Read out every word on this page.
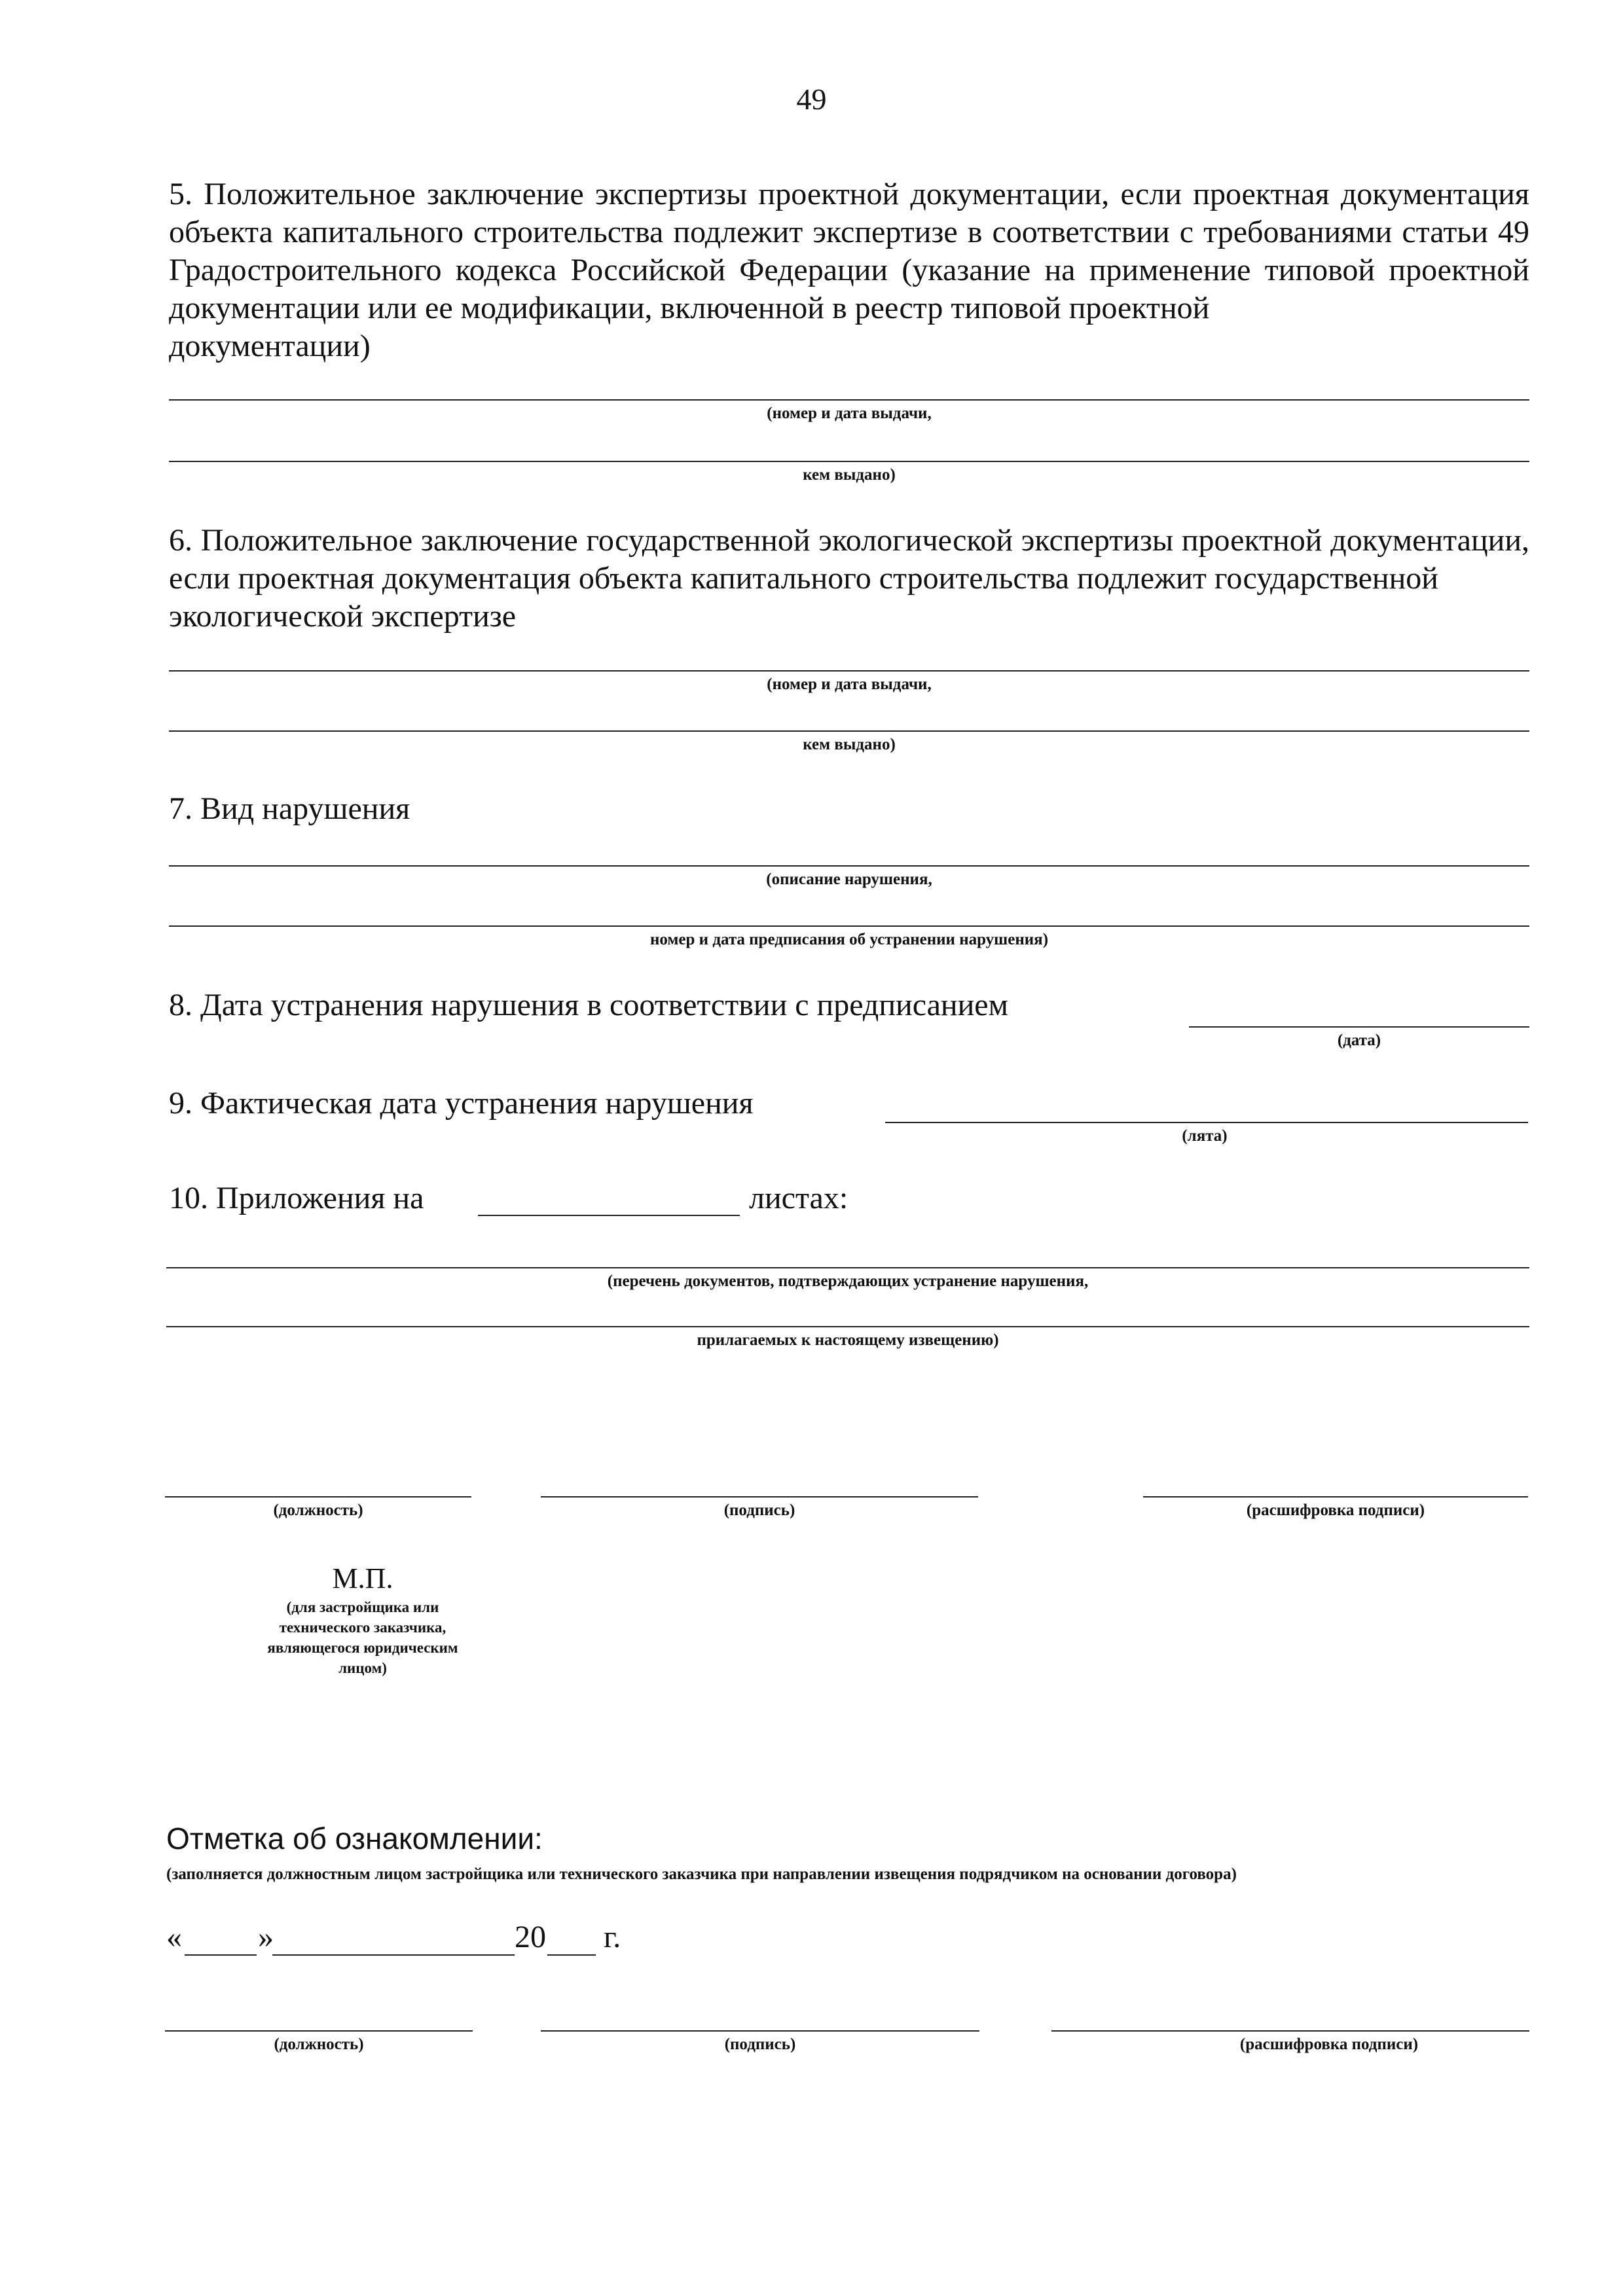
49
5. Положительное заключение экспертизы проектной документации, если проектная документация объекта капитального строительства подлежит экспертизе в соответствии с требованиями статьи 49 Градостроительного кодекса Российской Федерации (указание на применение типовой проектной документации или ее модификации, включенной в реестр типовой проектной
документации)
(номер и дата выдачи,
кем выдано)
6. Положительное заключение государственной экологической экспертизы проектной документации, если проектная документация объекта капитального строительства подлежит государственной
экологической экспертизе
(номер и дата выдачи,
кем выдано)
7. Вид нарушения
(описание нарушения,
номер и дата предписания об устранении нарушения)
8. Дата устранения нарушения в соответствии с предписанием
(дата)
9. Фактическая дата устранения нарушения
(лята)
10. Приложения на	листах:
(перечень документов, подтверждающих устранение нарушения,
прилагаемых к настоящему извещению)
(должность)	(подпись)	(расшифровка подписи)
М.П.
(для застройщика или
технического заказчика,
являющегося юридическим
лицом)
Отметка об ознакомлении:
(заполняется должностным лицом застройщика или технического заказчика при направлении извещения подрядчиком на основании договора)
« »	20 г.
(должность)	(подпись)	(расшифровка подписи)
